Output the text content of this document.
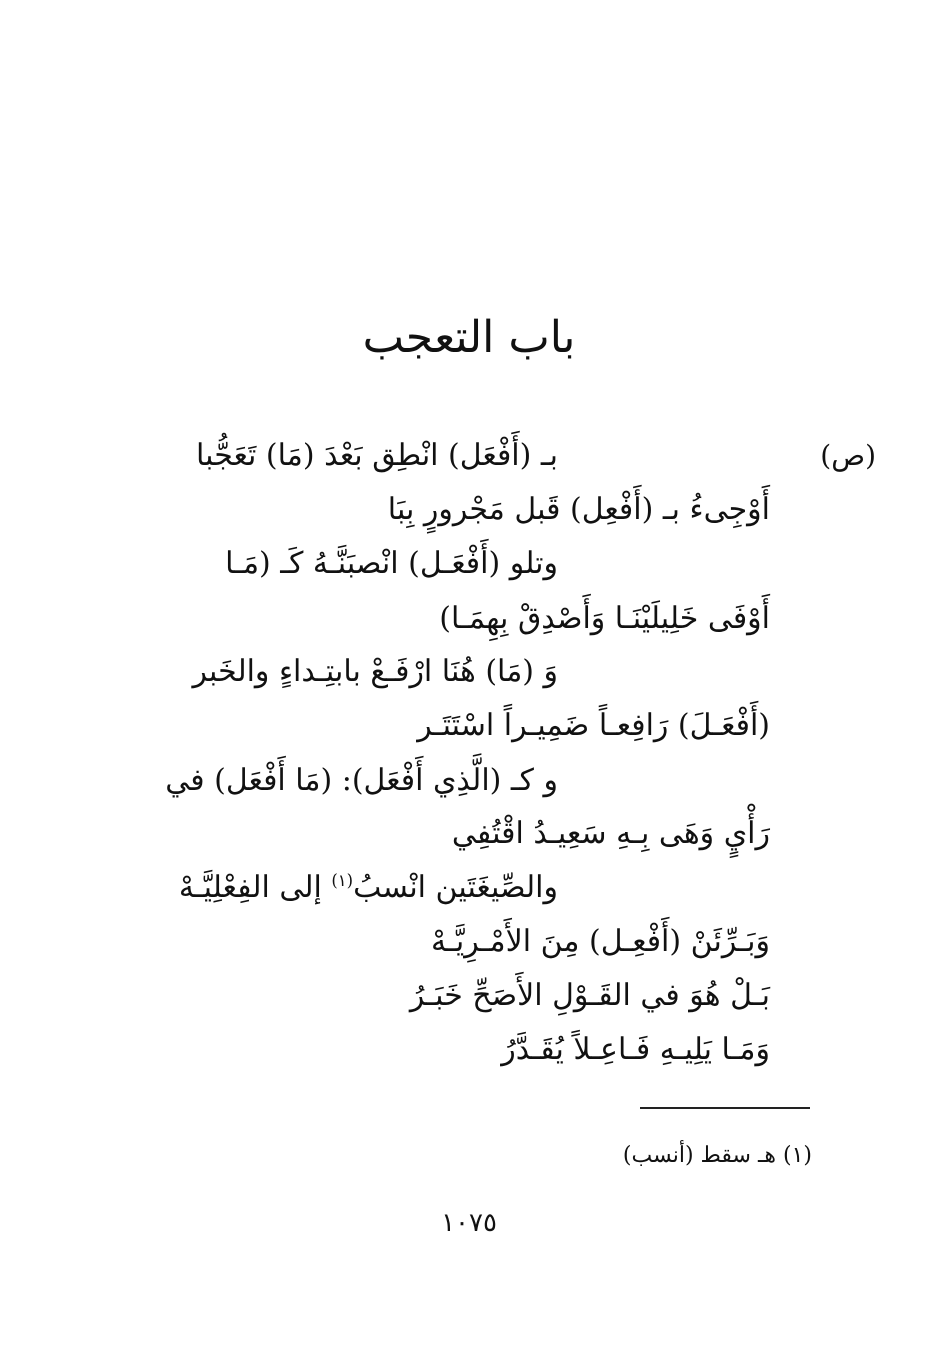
باب التعجب
(ص)
بـ (أَفْعَل) انْطِق بَعْدَ (مَا) تَعَجُّبا
أَوْجِىءُ بـ (أَفْعِل) قَبل مَجْرورٍ بِبَا
وتلو (أَفْعَـل) انْصبَنَّـهُ كَـ (مَـا
أَوْفَى خَلِيلَيْنَـا وَأَصْدِقْ بِهِمَـا)
وَ (مَا) هُنَا ارْفَـعْ بابتِـداءٍ والخَبر
(أَفْعَـلَ) رَافِعـاً ضَمِيـراً اسْتَتَـر
و كـ (الَّذِي أَفْعَل): (مَا أَفْعَل) في
رَأْيٍ وَهَى بِـهِ سَعِيـدُ اقْتُفِي
والصِّيغَتَين انْسبُ$^{(١)}$ إلى الفِعْلِيَّـهْ
وَبَـرِّئَنْ (أَفْعِـل) مِنَ الأَمْـرِيَّـهْ
بَـلْ هُوَ في القَـوْلِ الأَصَحِّ خَبَـرُ
وَمَـا يَلِيـهِ فَـاعِـلاً يُقَـدَّرُ
(١) هـ سقط (أنسب)
١٠٧٥
